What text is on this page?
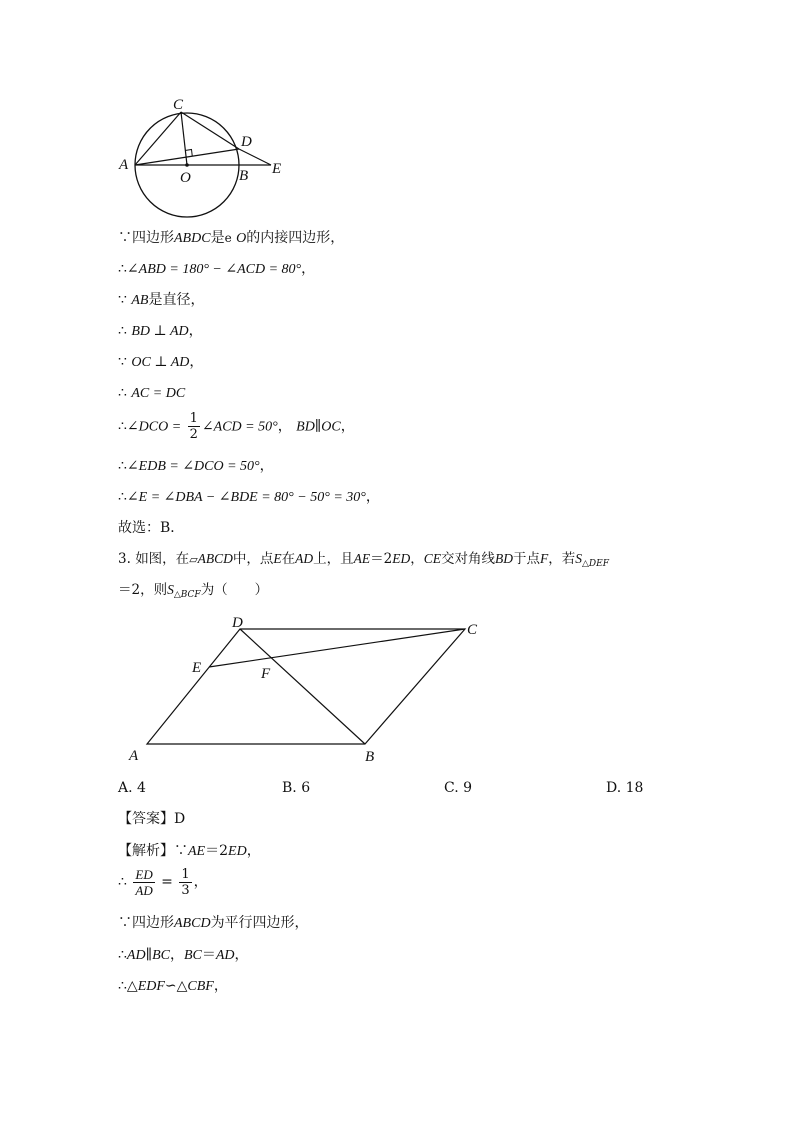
A
C
D
E
O	B
∵四边形ABDC是e O的内接四边形，
∴∠ABD = 180° − ∠ACD = 80°，
∵ AB是直径，
∴ BD ⊥ AD，
∵ OC ⊥ AD，
∴ AC = DC
∴∠DCO = $\frac{1}{2}$ ∠ACD = 50°， BD∥OC，
∴∠EDB = ∠DCO = 50°，
∴∠E = ∠DBA − ∠BDE = 80° − 50° = 30°，
故选：B．
3. 如图，在▱ABCD中，点E在AD上，且AE＝2ED，CE交对角线BD于点F，若$S_{\triangle DEF}$
＝2，则$S_{\triangle BCF}$为（　　）
A	B
C
D
E	F
A. 4	B. 6	C. 9	D. 18
【答案】D
【解析】∵AE＝2ED，
∴ $\frac{ED}{AD} = \frac{1}{3}$ ，
∵四边形ABCD为平行四边形，
∴AD∥BC，BC＝AD，
∴△EDF∽△CBF，
